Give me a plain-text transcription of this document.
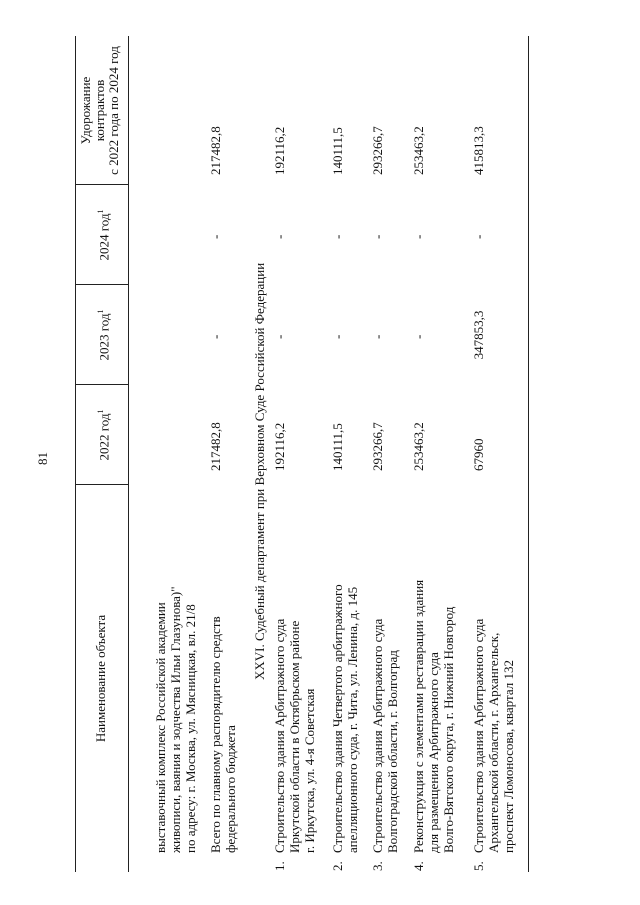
81
Наименование объекта
2022 год$^1$
2023 год$^1$
2024 год$^1$
Удорожание контрактов с 2022 года по 2024 год
выставочный комплекс Российской академии живописи, ваяния и зодчества Ильи Глазунова)" по адресу: г. Москва, ул. Мясницкая, вл. 21/8 Всего по главному распорядителю средств федерального бюджета
217482,8
-
-
217482,8
XXVI. Судебный департамент при Верховном Суде Российской Федерации
1.
Строительство здания Арбитражного суда Иркутской области в Октябрьском районе г. Иркутска, ул. 4-я Советская
192116,2
-
-
192116,2
2.
Строительство здания Четвертого арбитражного апелляционного суда, г. Чита, ул. Ленина, д. 145
140111,5
-
-
140111,5
3.
Строительство здания Арбитражного суда Волгоградской области, г. Волгоград
293266,7
-
-
293266,7
4.
Реконструкция с элементами реставрации здания для размещения Арбитражного суда Волго-Вятского округа, г. Нижний Новгород
253463,2
-
-
253463,2
5.
Строительство здания Арбитражного суда Архангельской области, г. Архангельск, проспект Ломоносова, квартал 132
67960
347853,3
-
415813,3
